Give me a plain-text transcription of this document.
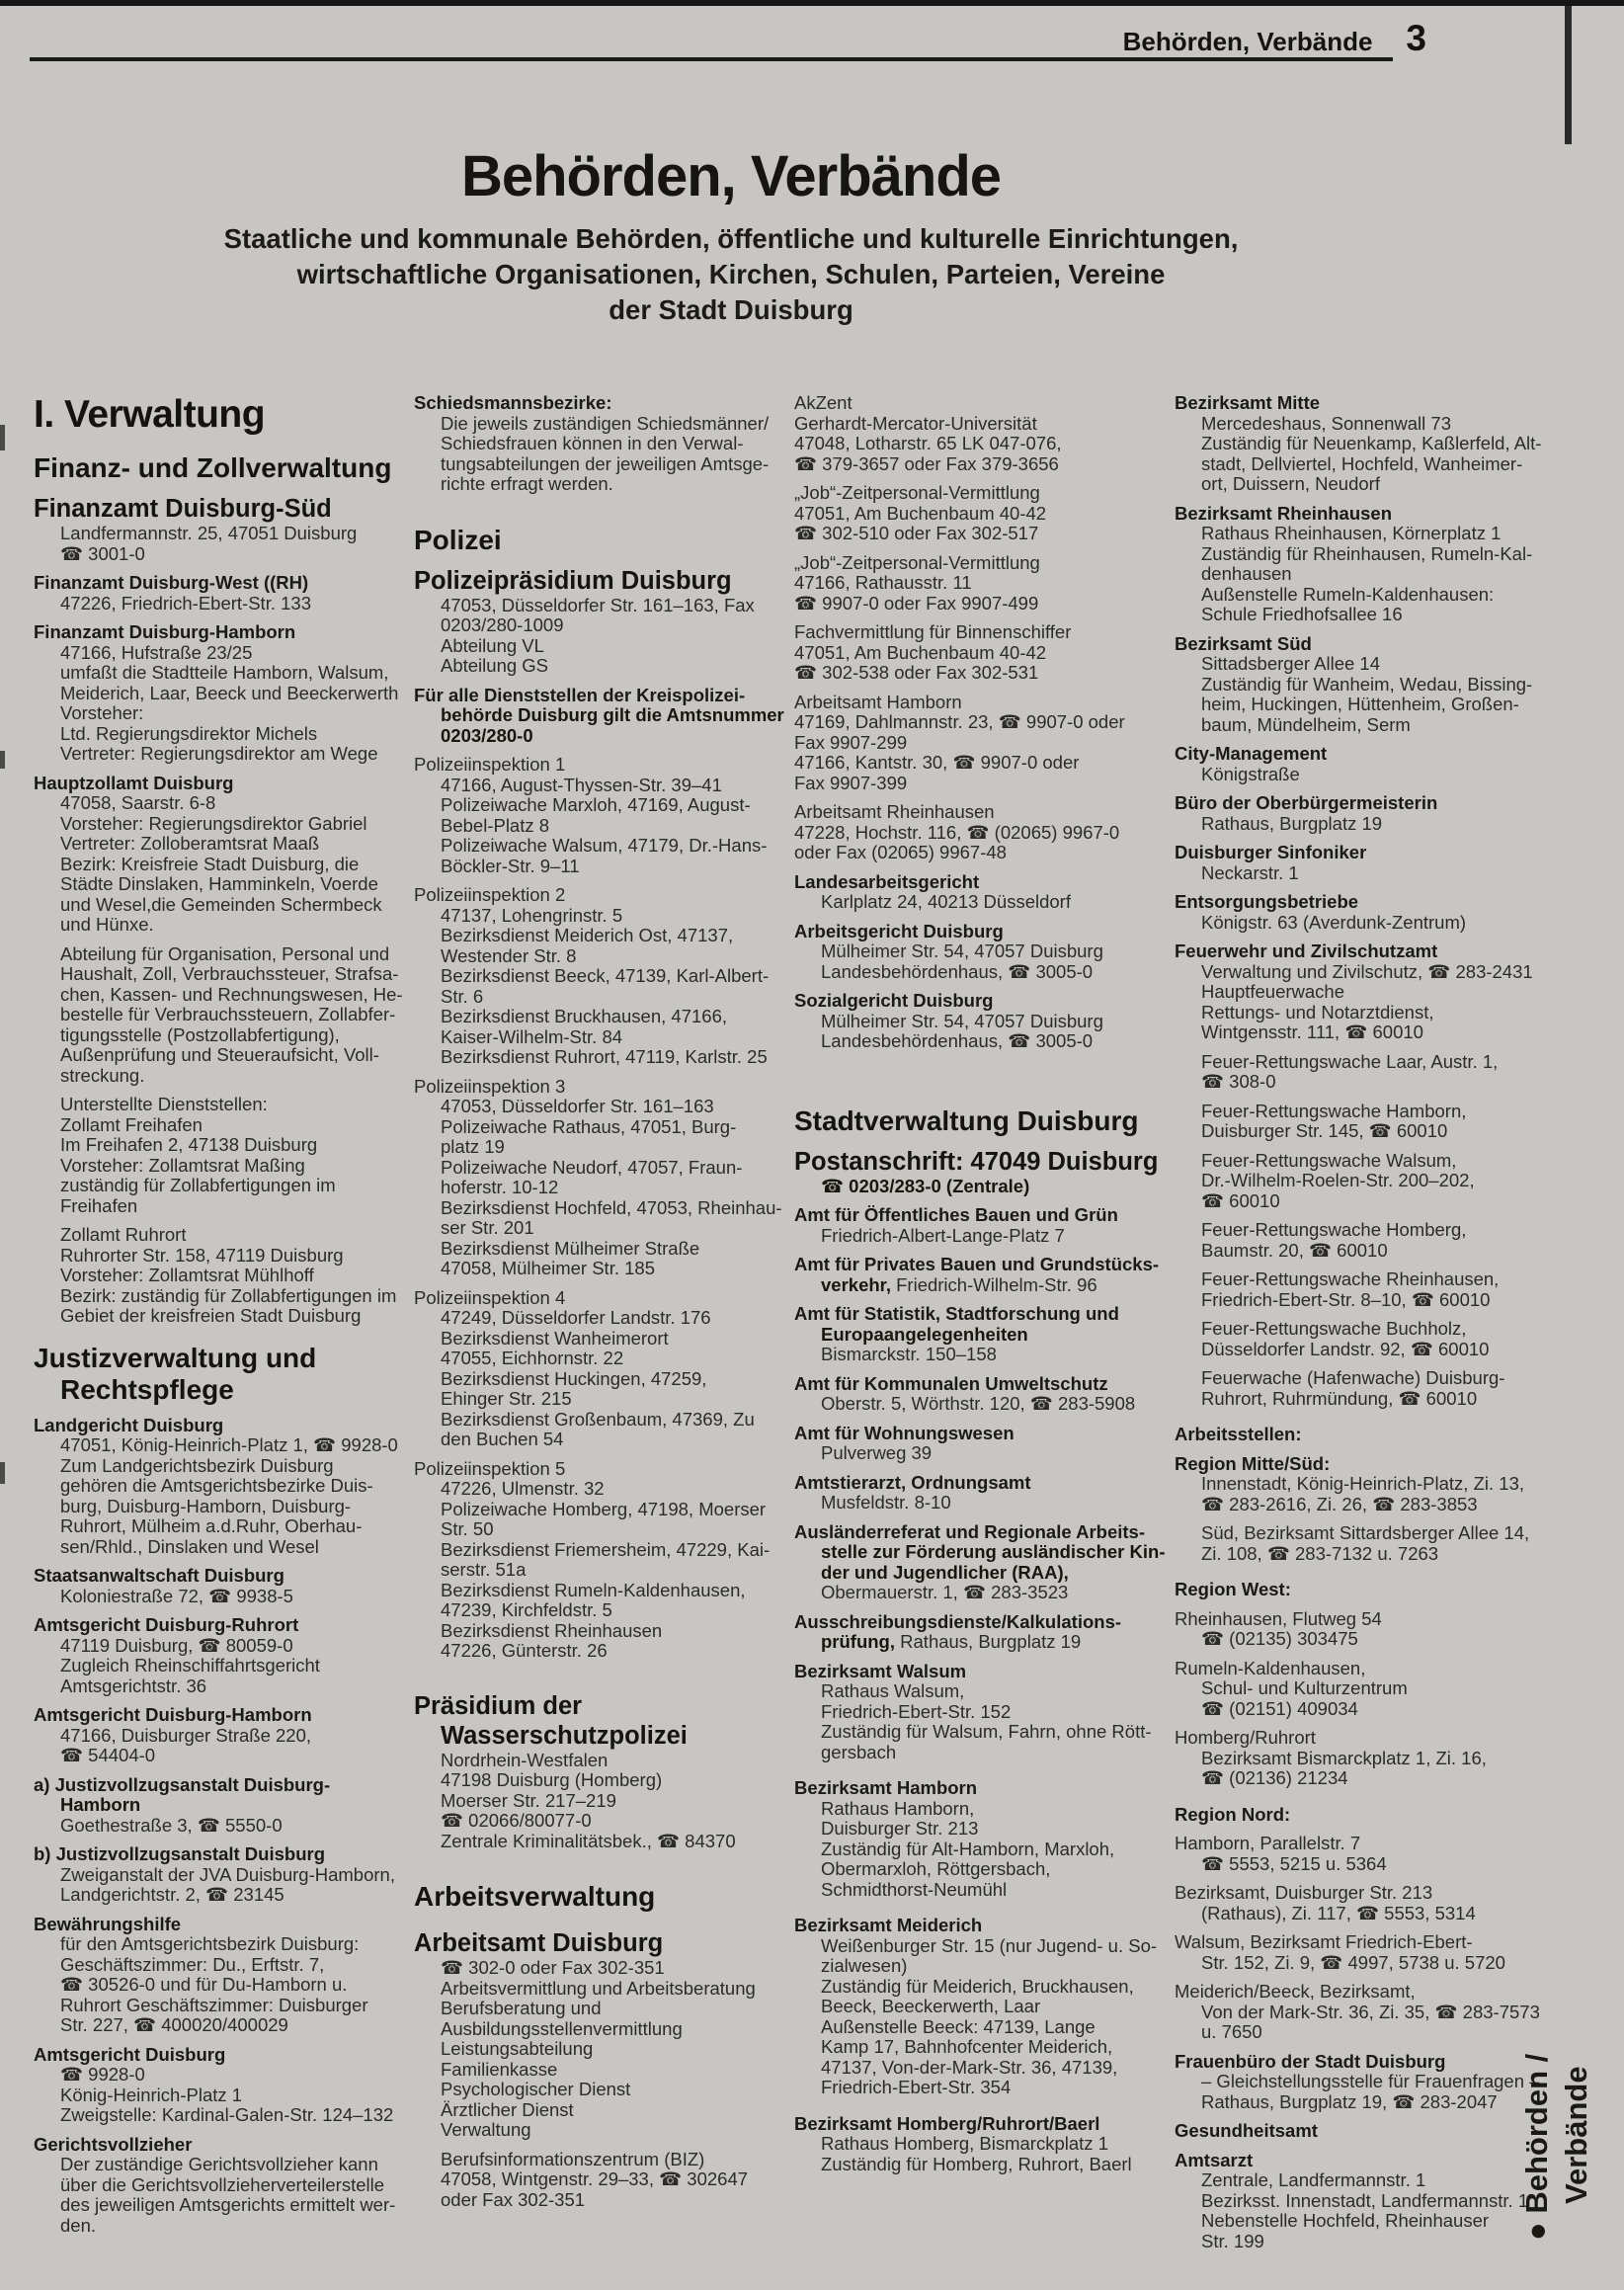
Behörden, Verbände 3
Behörden, Verbände
Staatliche und kommunale Behörden, öffentliche und kulturelle Einrichtungen,
wirtschaftliche Organisationen, Kirchen, Schulen, Parteien, Vereine
der Stadt Duisburg
I. Verwaltung
Finanz- und Zollverwaltung
Finanzamt Duisburg-Süd
Landfermannstr. 25, 47051 Duisburg
☎ 3001-0
Finanzamt Duisburg-West ((RH)
47226, Friedrich-Ebert-Str. 133
Finanzamt Duisburg-Hamborn
47166, Hufstraße 23/25
umfaßt die Stadtteile Hamborn, Walsum,
Meiderich, Laar, Beeck und Beeckerwerth
Vorsteher:
Ltd. Regierungsdirektor Michels
Vertreter: Regierungsdirektor am Wege
Hauptzollamt Duisburg
47058, Saarstr. 6-8
Vorsteher: Regierungsdirektor Gabriel
Vertreter: Zolloberamtsrat Maaß
Bezirk: Kreisfreie Stadt Duisburg, die
Städte Dinslaken, Hamminkeln, Voerde
und Wesel,die Gemeinden Schermbeck
und Hünxe.
Abteilung für Organisation, Personal und
Haushalt, Zoll, Verbrauchssteuer, Strafsa-
chen, Kassen- und Rechnungswesen, He-
bestelle für Verbrauchssteuern, Zollabfer-
tigungsstelle (Postzollabfertigung),
Außenprüfung und Steueraufsicht, Voll-
streckung.
Unterstellte Dienststellen:
Zollamt Freihafen
Im Freihafen 2, 47138 Duisburg
Vorsteher: Zollamtsrat Maßing
zuständig für Zollabfertigungen im
Freihafen
Zollamt Ruhrort
Ruhrorter Str. 158, 47119 Duisburg
Vorsteher: Zollamtsrat Mühlhoff
Bezirk: zuständig für Zollabfertigungen im
Gebiet der kreisfreien Stadt Duisburg
Justizverwaltung und
Rechtspflege
Landgericht Duisburg
47051, König-Heinrich-Platz 1, ☎ 9928-0
Zum Landgerichtsbezirk Duisburg
gehören die Amtsgerichtsbezirke Duis-
burg, Duisburg-Hamborn, Duisburg-
Ruhrort, Mülheim a.d.Ruhr, Oberhau-
sen/Rhld., Dinslaken und Wesel
Staatsanwaltschaft Duisburg
Koloniestraße 72, ☎ 9938-5
Amtsgericht Duisburg-Ruhrort
47119 Duisburg, ☎ 80059-0
Zugleich Rheinschiffahrtsgericht
Amtsgerichtstr. 36
Amtsgericht Duisburg-Hamborn
47166, Duisburger Straße 220,
☎ 54404-0
a) Justizvollzugsanstalt Duisburg-
Hamborn
Goethestraße 3, ☎ 5550-0
b) Justizvollzugsanstalt Duisburg
Zweiganstalt der JVA Duisburg-Hamborn,
Landgerichtstr. 2, ☎ 23145
Bewährungshilfe
für den Amtsgerichtsbezirk Duisburg:
Geschäftszimmer: Du., Erftstr. 7,
☎ 30526-0 und für Du-Hamborn u.
Ruhrort Geschäftszimmer: Duisburger
Str. 227, ☎ 400020/400029
Amtsgericht Duisburg
☎ 9928-0
König-Heinrich-Platz 1
Zweigstelle: Kardinal-Galen-Str. 124–132
Gerichtsvollzieher
Der zuständige Gerichtsvollzieher kann
über die Gerichtsvollzieherverteilerstelle
des jeweiligen Amtsgerichts ermittelt wer-
den.
Schiedsmannsbezirke:
Die jeweils zuständigen Schiedsmänner/
Schiedsfrauen können in den Verwal-
tungsabteilungen der jeweiligen Amtsge-
richte erfragt werden.
Polizei
Polizeipräsidium Duisburg
47053, Düsseldorfer Str. 161–163, Fax
0203/280-1009
Abteilung VL
Abteilung GS
Für alle Dienststellen der Kreispolizei-
behörde Duisburg gilt die Amtsnummer
0203/280-0
Polizeiinspektion 1
47166, August-Thyssen-Str. 39–41
Polizeiwache Marxloh, 47169, August-
Bebel-Platz 8
Polizeiwache Walsum, 47179, Dr.-Hans-
Böckler-Str. 9–11
Polizeiinspektion 2
47137, Lohengrinstr. 5
Bezirksdienst Meiderich Ost, 47137,
Westender Str. 8
Bezirksdienst Beeck, 47139, Karl-Albert-
Str. 6
Bezirksdienst Bruckhausen, 47166,
Kaiser-Wilhelm-Str. 84
Bezirksdienst Ruhrort, 47119, Karlstr. 25
Polizeiinspektion 3
47053, Düsseldorfer Str. 161–163
Polizeiwache Rathaus, 47051, Burg-
platz 19
Polizeiwache Neudorf, 47057, Fraun-
hoferstr. 10-12
Bezirksdienst Hochfeld, 47053, Rheinhau-
ser Str. 201
Bezirksdienst Mülheimer Straße
47058, Mülheimer Str. 185
Polizeiinspektion 4
47249, Düsseldorfer Landstr. 176
Bezirksdienst Wanheimerort
47055, Eichhornstr. 22
Bezirksdienst Huckingen, 47259,
Ehinger Str. 215
Bezirksdienst Großenbaum, 47369, Zu
den Buchen 54
Polizeiinspektion 5
47226, Ulmenstr. 32
Polizeiwache Homberg, 47198, Moerser
Str. 50
Bezirksdienst Friemersheim, 47229, Kai-
serstr. 51a
Bezirksdienst Rumeln-Kaldenhausen,
47239, Kirchfeldstr. 5
Bezirksdienst Rheinhausen
47226, Günterstr. 26
Präsidium der
Wasserschutzpolizei
Nordrhein-Westfalen
47198 Duisburg (Homberg)
Moerser Str. 217–219
☎ 02066/80077-0
Zentrale Kriminalitätsbek., ☎ 84370
Arbeitsverwaltung
Arbeitsamt Duisburg
☎ 302-0 oder Fax 302-351
Arbeitsvermittlung und Arbeitsberatung
Berufsberatung und
Ausbildungsstellenvermittlung
Leistungsabteilung
Familienkasse
Psychologischer Dienst
Ärztlicher Dienst
Verwaltung
Berufsinformationszentrum (BIZ)
47058, Wintgenstr. 29–33, ☎ 302647
oder Fax 302-351
AkZent
Gerhardt-Mercator-Universität
47048, Lotharstr. 65 LK 047-076,
☎ 379-3657 oder Fax 379-3656
„Job“-Zeitpersonal-Vermittlung
47051, Am Buchenbaum 40-42
☎ 302-510 oder Fax 302-517
„Job“-Zeitpersonal-Vermittlung
47166, Rathausstr. 11
☎ 9907-0 oder Fax 9907-499
Fachvermittlung für Binnenschiffer
47051, Am Buchenbaum 40-42
☎ 302-538 oder Fax 302-531
Arbeitsamt Hamborn
47169, Dahlmannstr. 23, ☎ 9907-0 oder
Fax 9907-299
47166, Kantstr. 30, ☎ 9907-0 oder
Fax 9907-399
Arbeitsamt Rheinhausen
47228, Hochstr. 116, ☎ (02065) 9967-0
oder Fax (02065) 9967-48
Landesarbeitsgericht
Karlplatz 24, 40213 Düsseldorf
Arbeitsgericht Duisburg
Mülheimer Str. 54, 47057 Duisburg
Landesbehördenhaus, ☎ 3005-0
Sozialgericht Duisburg
Mülheimer Str. 54, 47057 Duisburg
Landesbehördenhaus, ☎ 3005-0
Stadtverwaltung Duisburg
Postanschrift: 47049 Duisburg
☎ 0203/283-0 (Zentrale)
Amt für Öffentliches Bauen und Grün
Friedrich-Albert-Lange-Platz 7
Amt für Privates Bauen und Grundstücks-
verkehr, Friedrich-Wilhelm-Str. 96
Amt für Statistik, Stadtforschung und
Europaangelegenheiten
Bismarckstr. 150–158
Amt für Kommunalen Umweltschutz
Oberstr. 5, Wörthstr. 120, ☎ 283-5908
Amt für Wohnungswesen
Pulverweg 39
Amtstierarzt, Ordnungsamt
Musfeldstr. 8-10
Ausländerreferat und Regionale Arbeits-
stelle zur Förderung ausländischer Kin-
der und Jugendlicher (RAA),
Obermauerstr. 1, ☎ 283-3523
Ausschreibungsdienste/Kalkulations-
prüfung, Rathaus, Burgplatz 19
Bezirksamt Walsum
Rathaus Walsum,
Friedrich-Ebert-Str. 152
Zuständig für Walsum, Fahrn, ohne Rött-
gersbach
Bezirksamt Hamborn
Rathaus Hamborn,
Duisburger Str. 213
Zuständig für Alt-Hamborn, Marxloh,
Obermarxloh, Röttgersbach,
Schmidthorst-Neumühl
Bezirksamt Meiderich
Weißenburger Str. 15 (nur Jugend- u. So-
zialwesen)
Zuständig für Meiderich, Bruckhausen,
Beeck, Beeckerwerth, Laar
Außenstelle Beeck: 47139, Lange
Kamp 17, Bahnhofcenter Meiderich,
47137, Von-der-Mark-Str. 36, 47139,
Friedrich-Ebert-Str. 354
Bezirksamt Homberg/Ruhrort/Baerl
Rathaus Homberg, Bismarckplatz 1
Zuständig für Homberg, Ruhrort, Baerl
Bezirksamt Mitte
Mercedeshaus, Sonnenwall 73
Zuständig für Neuenkamp, Kaßlerfeld, Alt-
stadt, Dellviertel, Hochfeld, Wanheimer-
ort, Duissern, Neudorf
Bezirksamt Rheinhausen
Rathaus Rheinhausen, Körnerplatz 1
Zuständig für Rheinhausen, Rumeln-Kal-
denhausen
Außenstelle Rumeln-Kaldenhausen:
Schule Friedhofsallee 16
Bezirksamt Süd
Sittadsberger Allee 14
Zuständig für Wanheim, Wedau, Bissing-
heim, Huckingen, Hüttenheim, Großen-
baum, Mündelheim, Serm
City-Management
Königstraße
Büro der Oberbürgermeisterin
Rathaus, Burgplatz 19
Duisburger Sinfoniker
Neckarstr. 1
Entsorgungsbetriebe
Königstr. 63 (Averdunk-Zentrum)
Feuerwehr und Zivilschutzamt
Verwaltung und Zivilschutz, ☎ 283-2431
Hauptfeuerwache
Rettungs- und Notarztdienst,
Wintgensstr. 111, ☎ 60010
Feuer-Rettungswache Laar, Austr. 1,
☎ 308-0
Feuer-Rettungswache Hamborn,
Duisburger Str. 145, ☎ 60010
Feuer-Rettungswache Walsum,
Dr.-Wilhelm-Roelen-Str. 200–202,
☎ 60010
Feuer-Rettungswache Homberg,
Baumstr. 20, ☎ 60010
Feuer-Rettungswache Rheinhausen,
Friedrich-Ebert-Str. 8–10, ☎ 60010
Feuer-Rettungswache Buchholz,
Düsseldorfer Landstr. 92, ☎ 60010
Feuerwache (Hafenwache) Duisburg-
Ruhrort, Ruhrmündung, ☎ 60010
Arbeitsstellen:
Region Mitte/Süd:
Innenstadt, König-Heinrich-Platz, Zi. 13,
☎ 283-2616, Zi. 26, ☎ 283-3853
Süd, Bezirksamt Sittardsberger Allee 14,
Zi. 108, ☎ 283-7132 u. 7263
Region West:
Rheinhausen, Flutweg 54
☎ (02135) 303475
Rumeln-Kaldenhausen,
Schul- und Kulturzentrum
☎ (02151) 409034
Homberg/Ruhrort
Bezirksamt Bismarckplatz 1, Zi. 16,
☎ (02136) 21234
Region Nord:
Hamborn, Parallelstr. 7
☎ 5553, 5215 u. 5364
Bezirksamt, Duisburger Str. 213
(Rathaus), Zi. 117, ☎ 5553, 5314
Walsum, Bezirksamt Friedrich-Ebert-
Str. 152, Zi. 9, ☎ 4997, 5738 u. 5720
Meiderich/Beeck, Bezirksamt,
Von der Mark-Str. 36, Zi. 35, ☎ 283-7573
u. 7650
Frauenbüro der Stadt Duisburg
– Gleichstellungsstelle für Frauenfragen –
Rathaus, Burgplatz 19, ☎ 283-2047
Gesundheitsamt
Amtsarzt
Zentrale, Landfermannstr. 1
Bezirksst. Innenstadt, Landfermannstr. 1
Nebenstelle Hochfeld, Rheinhauser
Str. 199	● Behörden / Verbände
